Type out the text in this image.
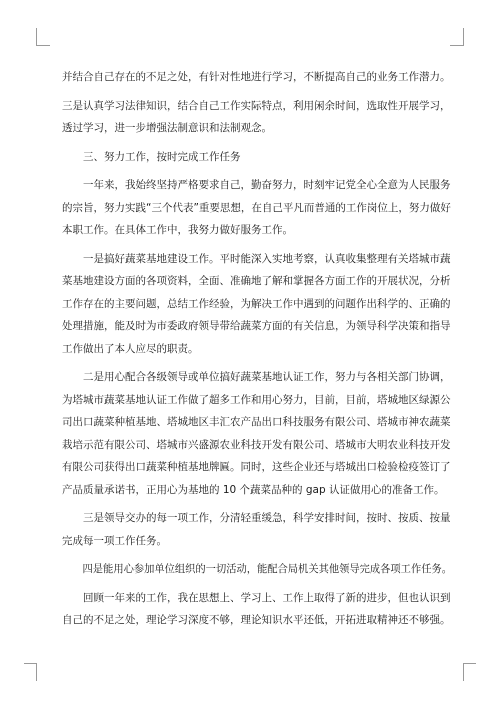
并结合自己存在的不足之处，有针对性地进行学习，不断提高自己的业务工作潜力。
三是认真学习法律知识，结合自己工作实际特点，利用闲余时间，选取性开展学习，
透过学习，进一步增强法制意识和法制观念。
　　三、努力工作，按时完成工作任务
　　一年来，我始终坚持严格要求自己，勤奋努力，时刻牢记党全心全意为人民服务
的宗旨，努力实践“三个代表”重要思想，在自己平凡而普通的工作岗位上，努力做好
本职工作。在具体工作中，我努力做好服务工作。
　　一是搞好蔬菜基地建设工作。平时能深入实地考察，认真收集整理有关塔城市蔬
菜基地建设方面的各项资料，全面、准确地了解和掌握各方面工作的开展状况，分析
工作存在的主要问题，总结工作经验，为解决工作中遇到的问题作出科学的、正确的
处理措施，能及时为市委政府领导带给蔬菜方面的有关信息，为领导科学决策和指导
工作做出了本人应尽的职责。
　　二是用心配合各级领导或单位搞好蔬菜基地认证工作，努力与各相关部门协调，
为塔城市蔬菜基地认证工作做了超多工作和用心努力，目前，目前，塔城地区绿源公
司出口蔬菜种植基地、塔城地区丰汇农产品出口科技服务有限公司、塔城市神农蔬菜
栽培示范有限公司、塔城市兴盛源农业科技开发有限公司、塔城市大明农业科技开发
有限公司获得出口蔬菜种植基地牌匾。同时，这些企业还与塔城出口检验检疫签订了
产品质量承诺书，正用心为基地的 10 个蔬菜品种的 gap 认证做用心的准备工作。
　　三是领导交办的每一项工作，分清轻重缓急，科学安排时间，按时、按质、按量
完成每一项工作任务。
　　四是能用心参加单位组织的一切活动，能配合局机关其他领导完成各项工作任务。
　　回顾一年来的工作，我在思想上、学习上、工作上取得了新的进步，但也认识到
自己的不足之处，理论学习深度不够，理论知识水平还低，开拓进取精神还不够强。
